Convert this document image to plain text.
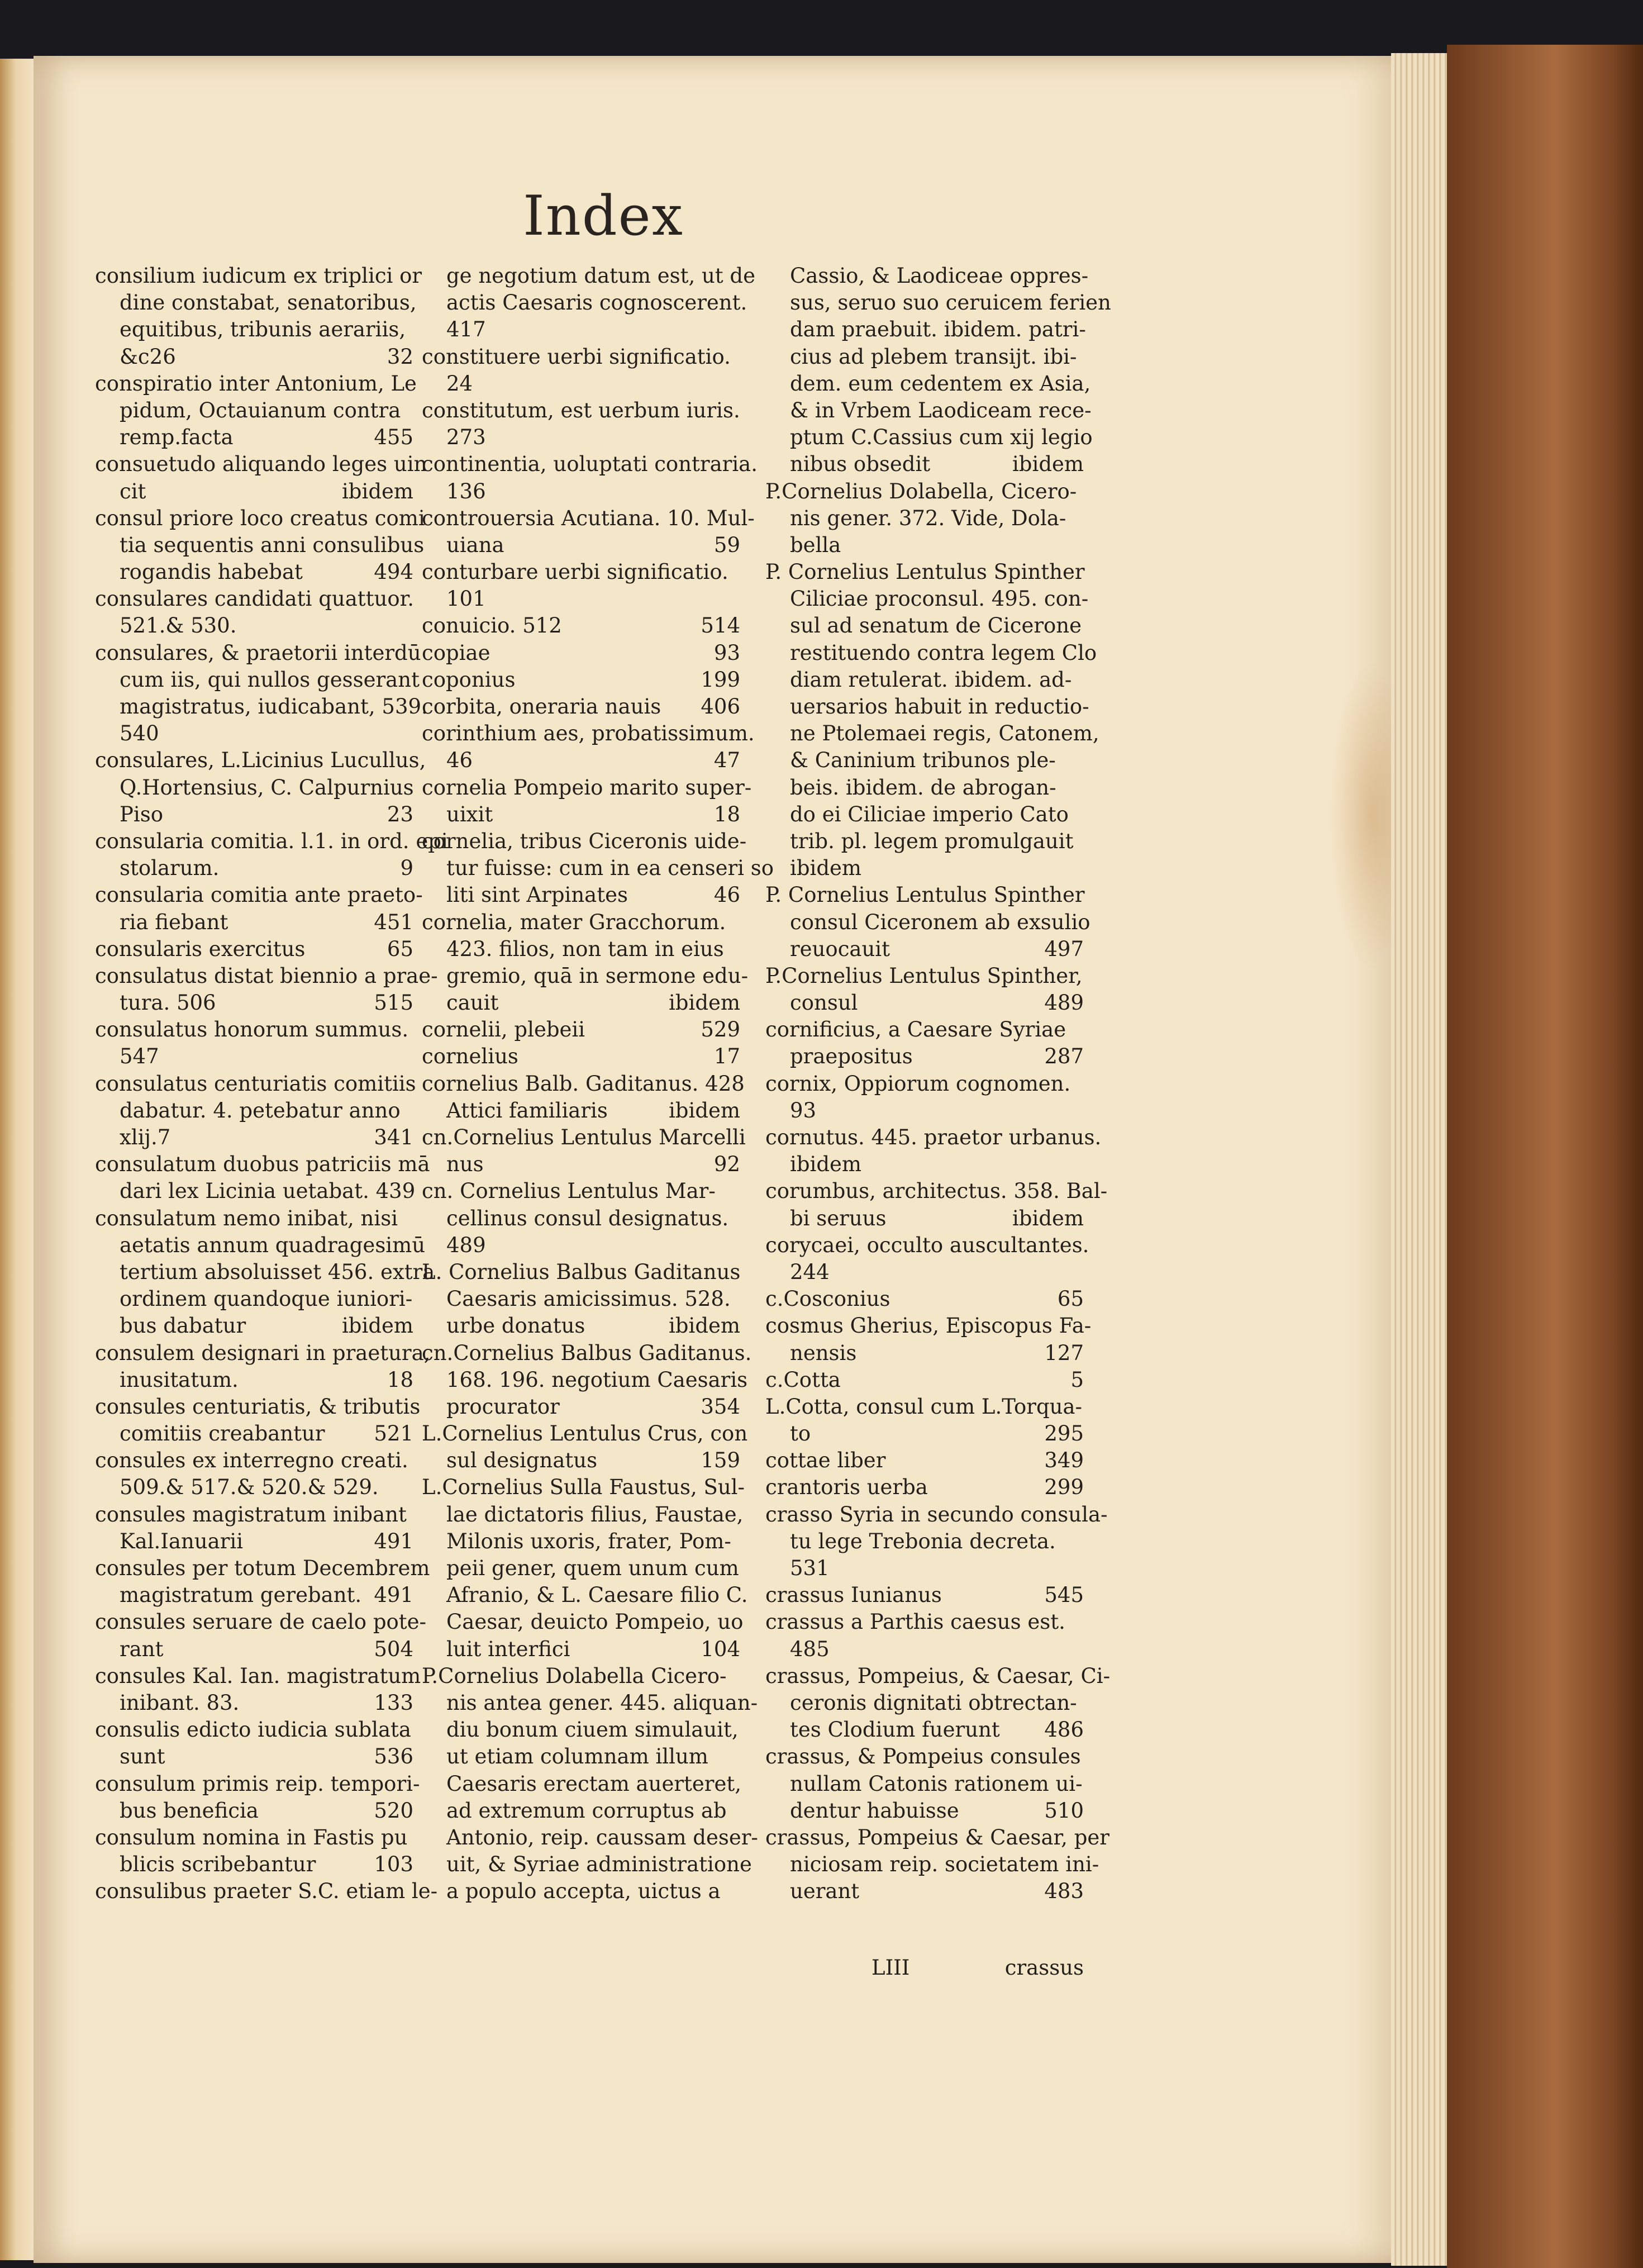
Index
consilium iudicum ex triplici or
dine constabat, senatoribus,
equitibus, tribunis aerariis,
&c26	32
conspiratio inter Antonium, Le
pidum, Octauianum contra
remp.facta	455
consuetudo aliquando leges uin
cit	ibidem
consul priore loco creatus comi
tia sequentis anni consulibus
rogandis habebat	494
consulares candidati quattuor.
521.& 530.
consulares, & praetorii interdū
cum iis, qui nullos gesserant
magistratus, iudicabant, 539.
540
consulares, L.Licinius Lucullus,
Q.Hortensius, C. Calpurnius
Piso	23
consularia comitia. l.1. in ord. epi
stolarum.	9
consularia comitia ante praeto-
ria fiebant	451
consularis exercitus	65
consulatus distat biennio a prae-
tura. 506	515
consulatus honorum summus.
547
consulatus centuriatis comitiis
dabatur. 4. petebatur anno
xlij.7	341
consulatum duobus patriciis mā
dari lex Licinia uetabat. 439
consulatum nemo inibat, nisi
aetatis annum quadragesimū
tertium absoluisset 456. extra
ordinem quandoque iuniori-
bus dabatur	ibidem
consulem designari in praetura,
inusitatum.	18
consules centuriatis, & tributis
comitiis creabantur 521
consules ex interregno creati.
509.& 517.& 520.& 529.
consules magistratum inibant
Kal.Ianuarii	491
consules per totum Decembrem
magistratum gerebant. 491
consules seruare de caelo pote-
rant	504
consules Kal. Ian. magistratum
inibant. 83.	133
consulis edicto iudicia sublata
sunt	536
consulum primis reip. tempori-
bus beneficia	520
consulum nomina in Fastis pu
blicis scribebantur	103
consulibus praeter S.C. etiam le-
ge negotium datum est, ut de
actis Caesaris cognoscerent.
417
constituere uerbi significatio.
24
constitutum, est uerbum iuris.
273
continentia, uoluptati contraria.
136
controuersia Acutiana. 10. Mul-
uiana	59
conturbare uerbi significatio.
101
conuicio. 512	514
copiae	93
coponius	199
corbita, oneraria nauis 406
corinthium aes, probatissimum.
46	47
cornelia Pompeio marito super-
uixit	18
cornelia, tribus Ciceronis uide-
tur fuisse: cum in ea censeri so
liti sint Arpinates	46
cornelia, mater Gracchorum.
423. filios, non tam in eius
gremio, quā in sermone edu-
cauit	ibidem
cornelii, plebeii	529
cornelius	17
cornelius Balb. Gaditanus. 428
Attici familiaris	ibidem
cn.Cornelius Lentulus Marcelli
nus	92
cn. Cornelius Lentulus Mar-
cellinus consul designatus.
489
L. Cornelius Balbus Gaditanus
Caesaris amicissimus. 528.
urbe donatus	ibidem
cn.Cornelius Balbus Gaditanus.
168. 196. negotium Caesaris
procurator	354
L.Cornelius Lentulus Crus, con
sul designatus	159
L.Cornelius Sulla Faustus, Sul-
lae dictatoris filius, Faustae,
Milonis uxoris, frater, Pom-
peii gener, quem unum cum
Afranio, & L. Caesare filio C.
Caesar, deuicto Pompeio, uo
luit interfici	104
P.Cornelius Dolabella Cicero-
nis antea gener. 445. aliquan-
diu bonum ciuem simulauit,
ut etiam columnam illum
Caesaris erectam auerteret,
ad extremum corruptus ab
Antonio, reip. caussam deser-
uit, & Syriae administratione
a populo accepta, uictus a
Cassio, & Laodiceae oppres-
sus, seruo suo ceruicem ferien
dam praebuit. ibidem. patri-
cius ad plebem transijt. ibi-
dem. eum cedentem ex Asia,
& in Vrbem Laodiceam rece-
ptum C.Cassius cum xij legio
nibus obsedit	ibidem
P.Cornelius Dolabella, Cicero-
nis gener. 372. Vide, Dola-
bella
P. Cornelius Lentulus Spinther
Ciliciae proconsul. 495. con-
sul ad senatum de Cicerone
restituendo contra legem Clo
diam retulerat. ibidem. ad-
uersarios habuit in reductio-
ne Ptolemaei regis, Catonem,
& Caninium tribunos ple-
beis. ibidem. de abrogan-
do ei Ciliciae imperio Cato
trib. pl. legem promulgauit
ibidem
P. Cornelius Lentulus Spinther
consul Ciceronem ab exsulio
reuocauit	497
P.Cornelius Lentulus Spinther,
consul	489
cornificius, a Caesare Syriae
praepositus	287
cornix, Oppiorum cognomen.
93
cornutus. 445. praetor urbanus.
ibidem
corumbus, architectus. 358. Bal-
bi seruus	ibidem
corycaei, occulto auscultantes.
244
c.Cosconius	65
cosmus Gherius, Episcopus Fa-
nensis	127
c.Cotta	5
L.Cotta, consul cum L.Torqua-
to	295
cottae liber	349
crantoris uerba	299
crasso Syria in secundo consula-
tu lege Trebonia decreta.
531
crassus Iunianus	545
crassus a Parthis caesus est.
485
crassus, Pompeius, & Caesar, Ci-
ceronis dignitati obtrectan-
tes Clodium fuerunt 486
crassus, & Pompeius consules
nullam Catonis rationem ui-
dentur habuisse	510
crassus, Pompeius & Caesar, per
niciosam reip. societatem ini-
uerant	483
LIII	crassus
